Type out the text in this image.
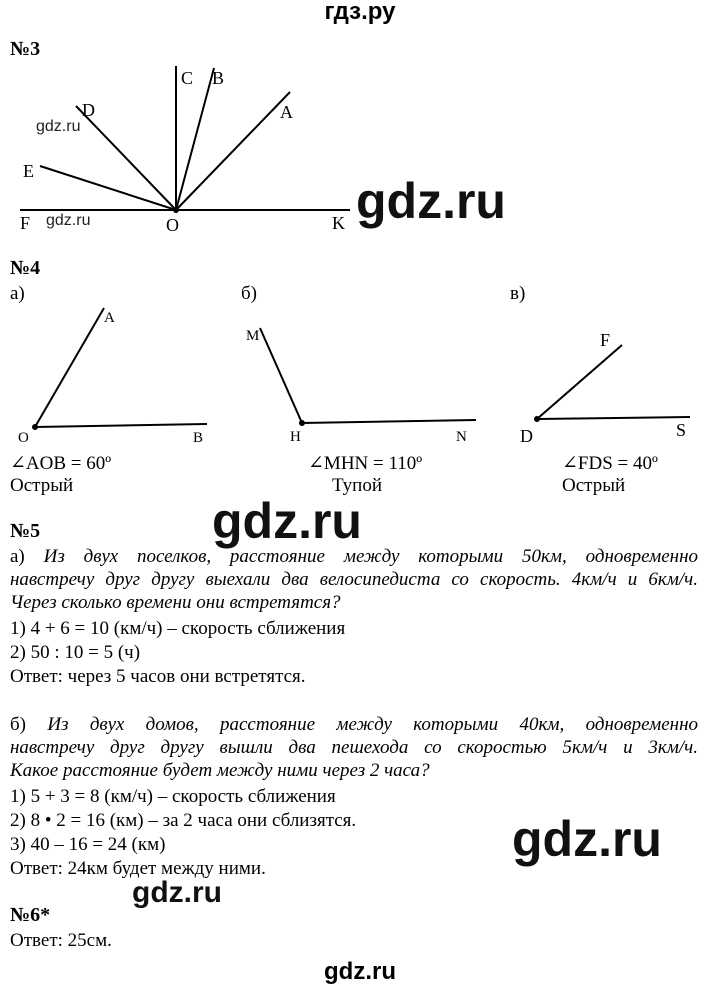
гдз.ру
№3
C B
A
D
E
F	O	K
A
O	B
M
H	N
F
D	S
gdz.ru
gdz.ru	gdz.ru
№4
а)	б)	в)
∠AOB = 60º
Острый
∠MHN = 110º
Тупой
∠FDS = 40º
Острый
gdz.ru
№5
а) Из двух поселков, расстояние между которыми 50км, одновременно
навстречу друг другу выехали два велосипедиста со скорость. 4км/ч и 6км/ч.
Через сколько времени они встретятся?
1) 4 + 6 = 10 (км/ч) – скорость сближения
2) 50 : 10 = 5 (ч)
Ответ: через 5 часов они встретятся.
б) Из двух домов, расстояние между которыми 40км, одновременно
навстречу друг другу вышли два пешехода со скоростью 5км/ч и 3км/ч.
Какое расстояние будет между ними через 2 часа?
1) 5 + 3 = 8 (км/ч) – скорость сближения
2) 8 • 2 = 16 (км) – за 2 часа они сблизятся.
3) 40 – 16 = 24 (км)
Ответ: 24км будет между ними.
gdz.ru
gdz.ru
№6*
Ответ: 25см.
gdz.ru
